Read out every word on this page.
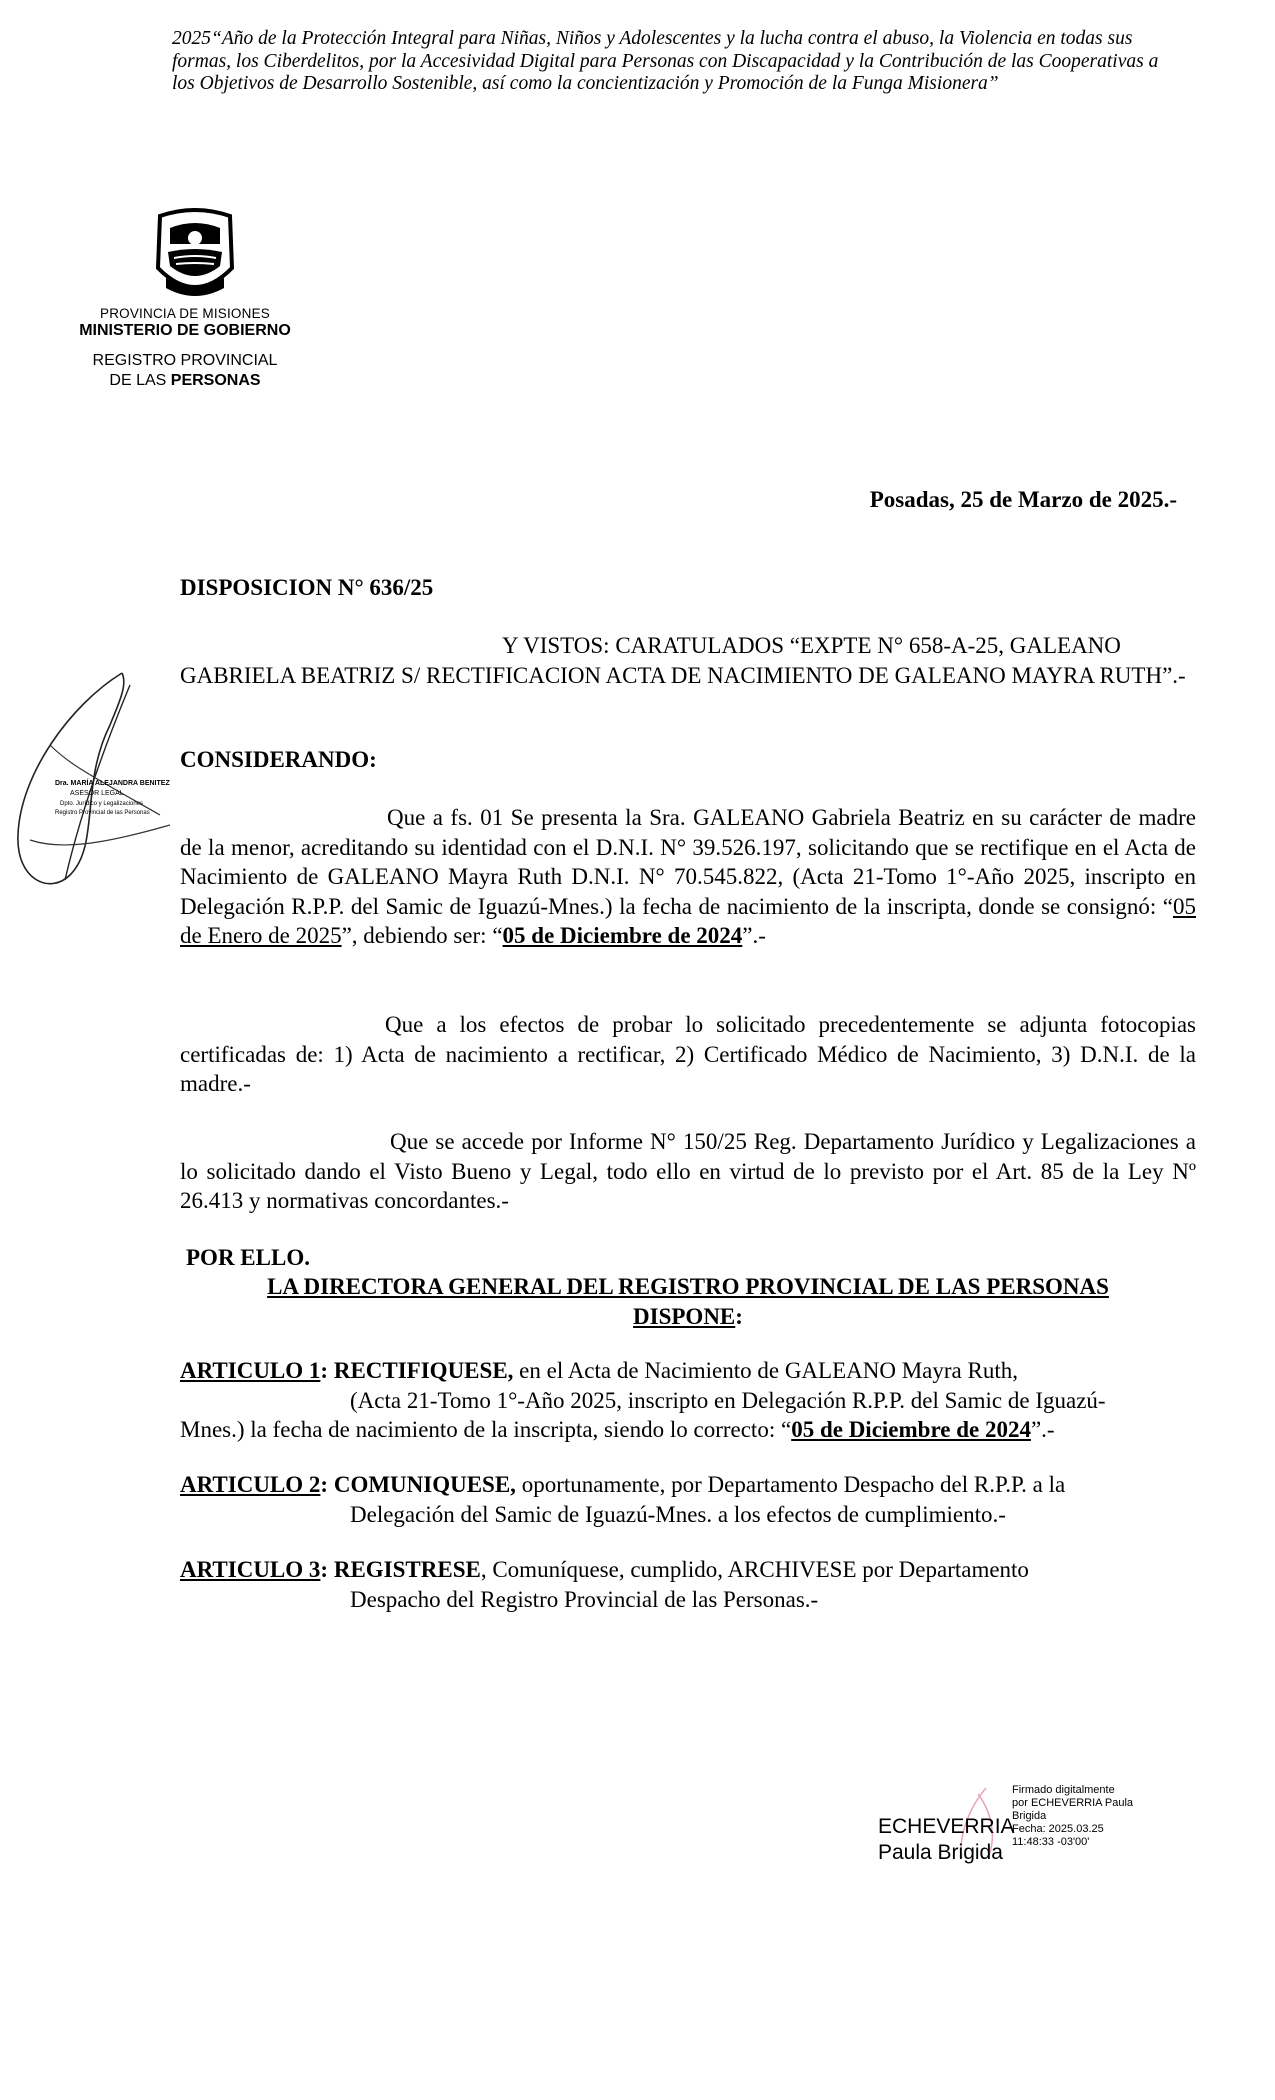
2025“Año de la Protección Integral para Niñas, Niños y Adolescentes y la lucha contra el abuso, la Violencia en todas sus formas, los Ciberdelitos, por la Accesividad Digital para Personas con Discapacidad y la Contribución de las Cooperativas a los Objetivos de Desarrollo Sostenible, así como la concientización y Promoción de la Funga Misionera”
PROVINCIA DE MISIONES
MINISTERIO DE GOBIERNO
REGISTRO PROVINCIAL
DE LAS PERSONAS
Posadas, 25 de Marzo de 2025.-
DISPOSICION N° 636/25
Y VISTOS: CARATULADOS “EXPTE N° 658-A-25, GALEANO
GABRIELA BEATRIZ S/ RECTIFICACION ACTA DE NACIMIENTO DE GALEANO MAYRA RUTH”.-
CONSIDERANDO:
Que a fs. 01 Se presenta la Sra. GALEANO Gabriela Beatriz en su carácter de madre de la menor, acreditando su identidad con el D.N.I. N° 39.526.197, solicitando que se rectifique en el Acta de Nacimiento de GALEANO Mayra Ruth D.N.I. N° 70.545.822, (Acta 21-Tomo 1°-Año 2025, inscripto en Delegación R.P.P. del Samic de Iguazú-Mnes.) la fecha de nacimiento de la inscripta, donde se consignó: “05 de Enero de 2025”, debiendo ser: “05 de Diciembre de 2024”.-
Que a los efectos de probar lo solicitado precedentemente se adjunta fotocopias certificadas de: 1) Acta de nacimiento a rectificar, 2) Certificado Médico de Nacimiento, 3) D.N.I. de la madre.-
Que se accede por Informe N° 150/25 Reg. Departamento Jurídico y Legalizaciones a lo solicitado dando el Visto Bueno y Legal, todo ello en virtud de lo previsto por el Art. 85 de la Ley Nº 26.413 y normativas concordantes.-
POR ELLO.
LA DIRECTORA GENERAL DEL REGISTRO PROVINCIAL DE LAS PERSONAS
DISPONE:
ARTICULO 1: RECTIFIQUESE, en el Acta de Nacimiento de GALEANO Mayra Ruth,
(Acta 21-Tomo 1°-Año 2025, inscripto en Delegación R.P.P. del Samic de Iguazú-
Mnes.) la fecha de nacimiento de la inscripta, siendo lo correcto: “05 de Diciembre de 2024”.-
ARTICULO 2: COMUNIQUESE, oportunamente, por Departamento Despacho del R.P.P. a la
Delegación del Samic de Iguazú-Mnes. a los efectos de cumplimiento.-
ARTICULO 3: REGISTRESE, Comuníquese, cumplido, ARCHIVESE por Departamento
Despacho del Registro Provincial de las Personas.-
Dra. MARÍA ALEJANDRA BENITEZ
ASESOR LEGAL
Dpto. Jurídico y Legalizaciones
Registro Provincial de las Personas
ECHEVERRIA
Paula Brigida
Firmado digitalmente
por ECHEVERRIA Paula
Brigida
Fecha: 2025.03.25
11:48:33 -03'00'
